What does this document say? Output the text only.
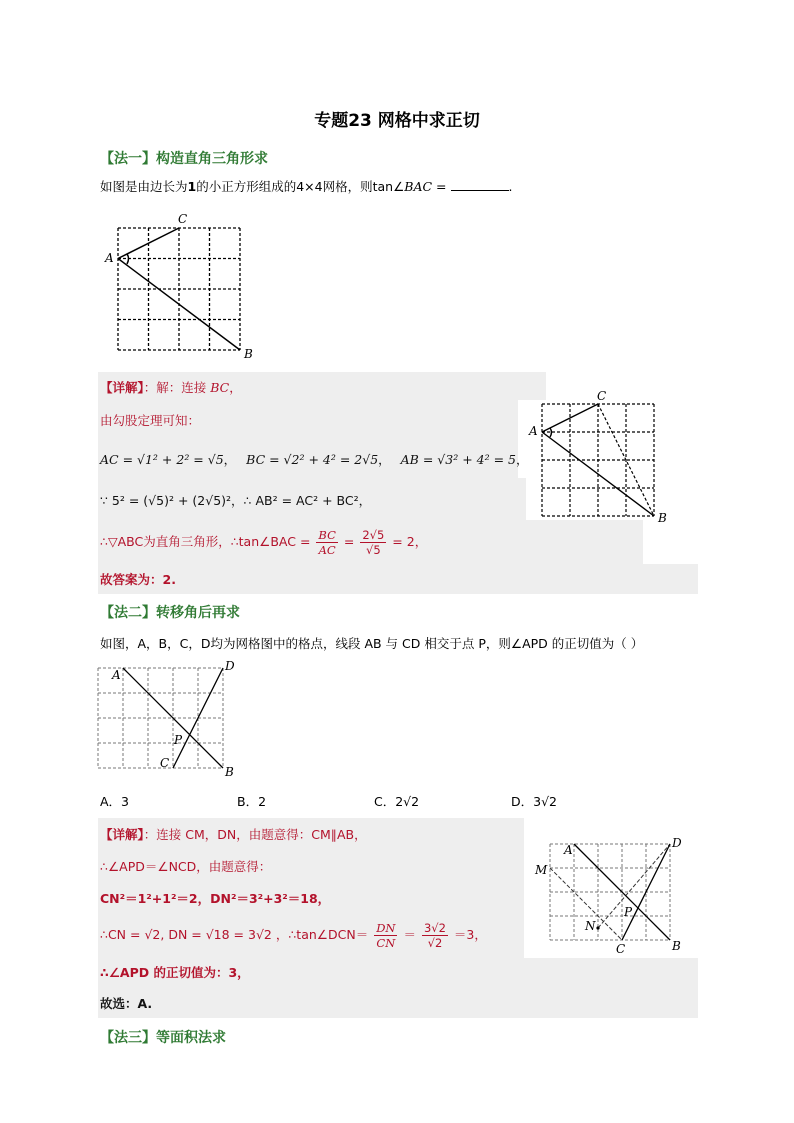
专题23 网格中求正切
【法一】构造直角三角形求
如图是由边长为1的小正方形组成的4×4网格，则tan∠BAC =	.
A
C
B
【详解】：解：连接 BC，
由勾股定理可知：
AC = √1² + 2² = √5， BC = √2² + 4² = 2√5， AB = √3² + 4² = 5，
∵ 5² = (√5)² + (2√5)²，∴ AB² = AC² + BC²，
∴▽ABC为直角三角形，∴tan∠BAC = $\frac{BC}{AC} = \frac{2√5}{√5} = 2$，
故答案为：2.
A
C
B
【法二】转移角后再求
如图，A，B，C，D均为网格图中的格点，线段 AB 与 CD 相交于点 P，则∠APD 的正切值为（ ）
A
D
P
C
B
A．3	B．2	C．2√2	D．3√2
【详解】：连接 CM，DN，由题意得：CM∥AB，
∴∠APD＝∠NCD，由题意得：
CN²＝1²+1²＝2，DN²＝3²+3²＝18，
∴CN = √2, DN = √18 = 3√2 ，∴tan∠DCN＝ $\frac{DN}{CN} = \frac{3√2}{√2} =3$，
∴∠APD 的正切值为：3，
故选：A.
A	D
M
P
N
C	B
【法三】等面积法求
